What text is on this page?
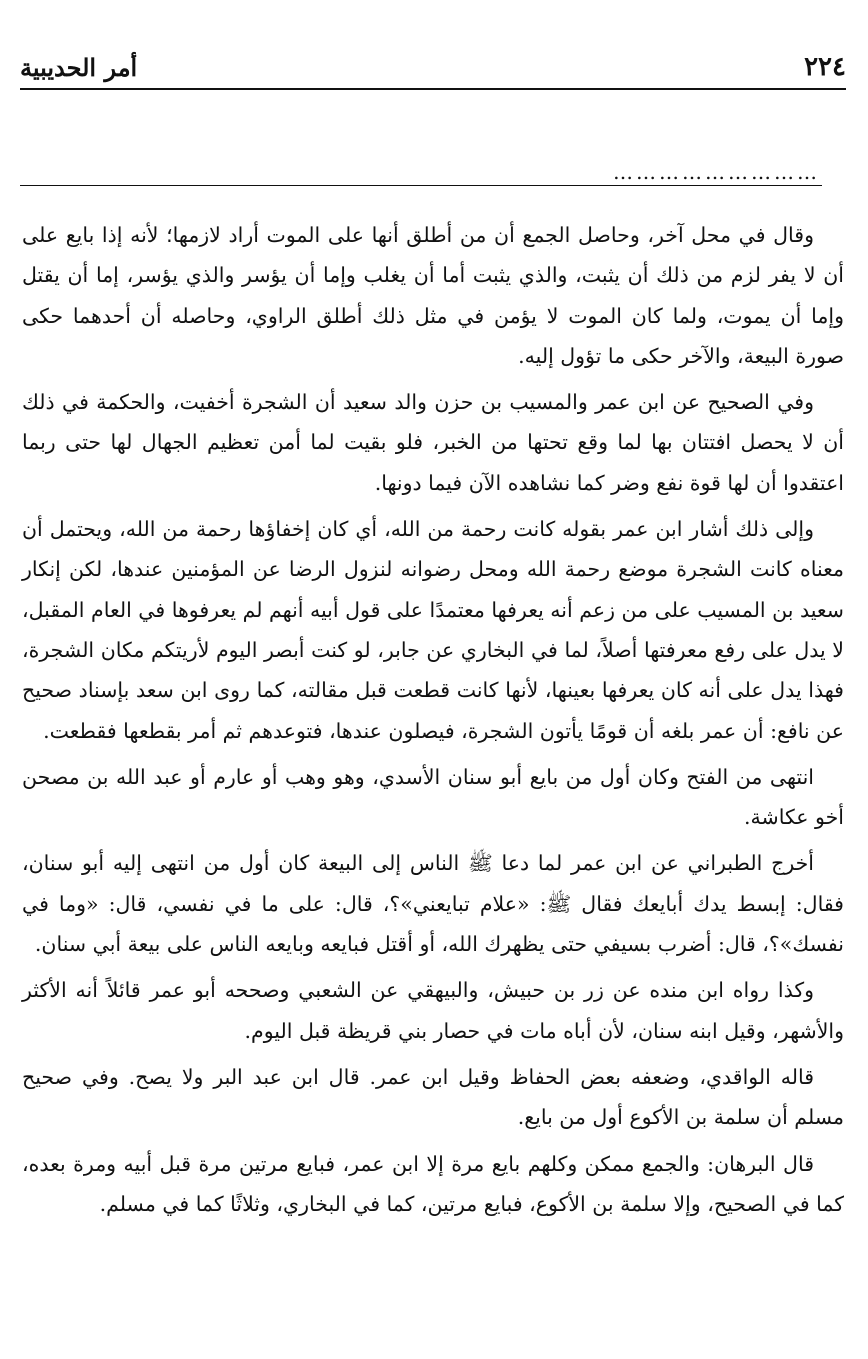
٢٢٤
أمر الحديبية
………………………

وقال في محل آخر، وحاصل الجمع أن من أطلق أنها على الموت أراد لازمها؛ لأنه إذا بايع على أن لا يفر لزم من ذلك أن يثبت، والذي يثبت أما أن يغلب وإما أن يؤسر والذي يؤسر، إما أن يقتل وإما أن يموت، ولما كان الموت لا يؤمن في مثل ذلك أطلق الراوي، وحاصله أن أحدهما حكى صورة البيعة، والآخر حكى ما تؤول إليه.

وفي الصحيح عن ابن عمر والمسيب بن حزن والد سعيد أن الشجرة أخفيت، والحكمة في ذلك أن لا يحصل افتتان بها لما وقع تحتها من الخبر، فلو بقيت لما أمن تعظيم الجهال لها حتى ربما اعتقدوا أن لها قوة نفع وضر كما نشاهده الآن فيما دونها.

وإلى ذلك أشار ابن عمر بقوله كانت رحمة من الله، أي كان إخفاؤها رحمة من الله، ويحتمل أن معناه كانت الشجرة موضع رحمة الله ومحل رضوانه لنزول الرضا عن المؤمنين عندها، لكن إنكار سعيد بن المسيب على من زعم أنه يعرفها معتمدًا على قول أبيه أنهم لم يعرفوها في العام المقبل، لا يدل على رفع معرفتها أصلاً، لما في البخاري عن جابر، لو كنت أبصر اليوم لأريتكم مكان الشجرة، فهذا يدل على أنه كان يعرفها بعينها، لأنها كانت قطعت قبل مقالته، كما روى ابن سعد بإسناد صحيح عن نافع: أن عمر بلغه أن قومًا يأتون الشجرة، فيصلون عندها، فتوعدهم ثم أمر بقطعها فقطعت.

انتهى من الفتح وكان أول من بايع أبو سنان الأسدي، وهو وهب أو عارم أو عبد الله بن مصحن أخو عكاشة.

أخرج الطبراني عن ابن عمر لما دعا ﷺ الناس إلى البيعة كان أول من انتهى إليه أبو سنان، فقال: إبسط يدك أبايعك فقال ﷺ: «علام تبايعني»؟، قال: على ما في نفسي، قال: «وما في نفسك»؟، قال: أضرب بسيفي حتى يظهرك الله، أو أقتل فبايعه وبايعه الناس على بيعة أبي سنان.

وكذا رواه ابن منده عن زر بن حبيش، والبيهقي عن الشعبي وصححه أبو عمر قائلاً أنه الأكثر والأشهر، وقيل ابنه سنان، لأن أباه مات في حصار بني قريظة قبل اليوم.

قاله الواقدي، وضعفه بعض الحفاظ وقيل ابن عمر. قال ابن عبد البر ولا يصح. وفي صحيح مسلم أن سلمة بن الأكوع أول من بايع.

قال البرهان: والجمع ممكن وكلهم بايع مرة إلا ابن عمر، فبايع مرتين مرة قبل أبيه ومرة بعده، كما في الصحيح، وإلا سلمة بن الأكوع، فبايع مرتين، كما في البخاري، وثلاثًا كما في مسلم.
